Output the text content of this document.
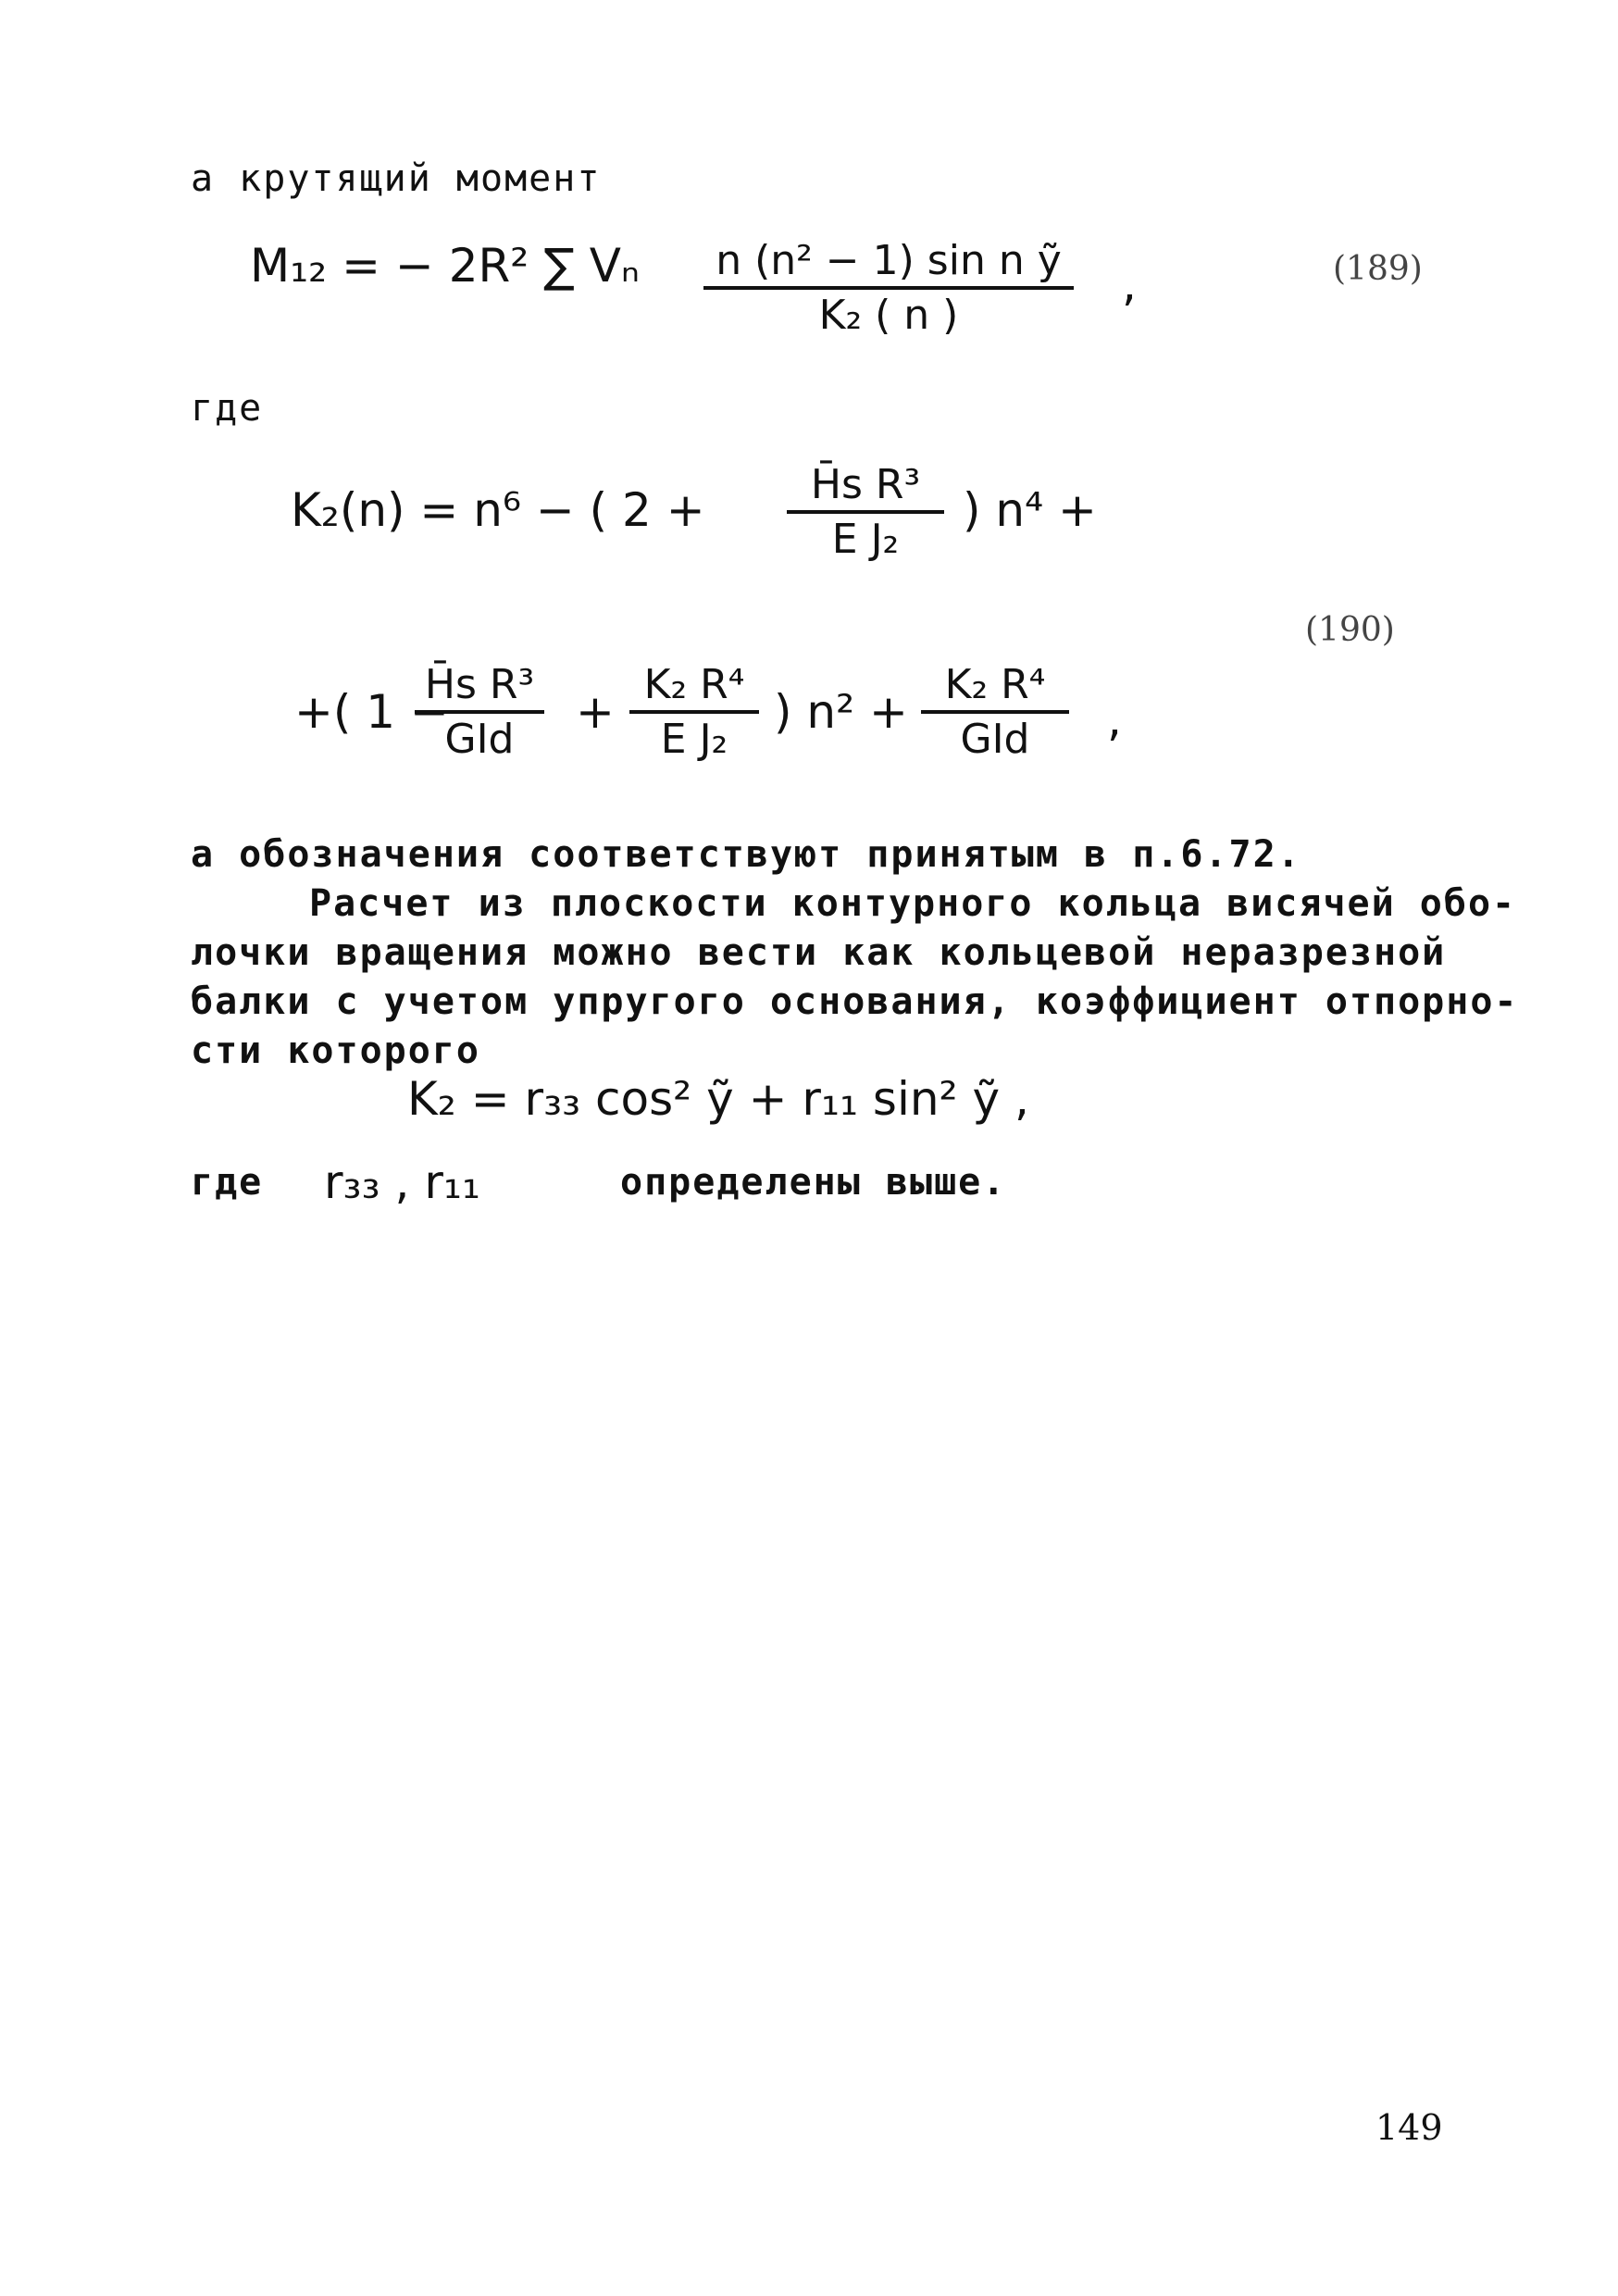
а крутящий момент
M₁₂ = − 2R² ∑ Vₙ $\frac{\text{n (n² − 1) sin n ỹ}}{\text{K₂ ( n )}}$ ,	(189)
где
K₂(n) = n⁶ − ( $2 + \frac{\text{H̄s R³}}{\text{E J₂}}$ ) n⁴ +
(190)
+( 1 −
H̄s R³
GId
+ $\frac{\text{K₂ R⁴}}{\text{E J₂}}$ ) n² +
K₂ R⁴
GId	,
а обозначения соответствуют принятым в п.6.72.
Расчет из плоскости контурного кольца висячей обо-
лочки вращения можно вести как кольцевой неразрезной
балки с учетом упругого основания, коэффициент отпорно-
сти которого
K₂ = r₃₃ cos² ỹ + r₁₁ sin² ỹ ,
где r₃₃ , r₁₁	определены выше.
149
